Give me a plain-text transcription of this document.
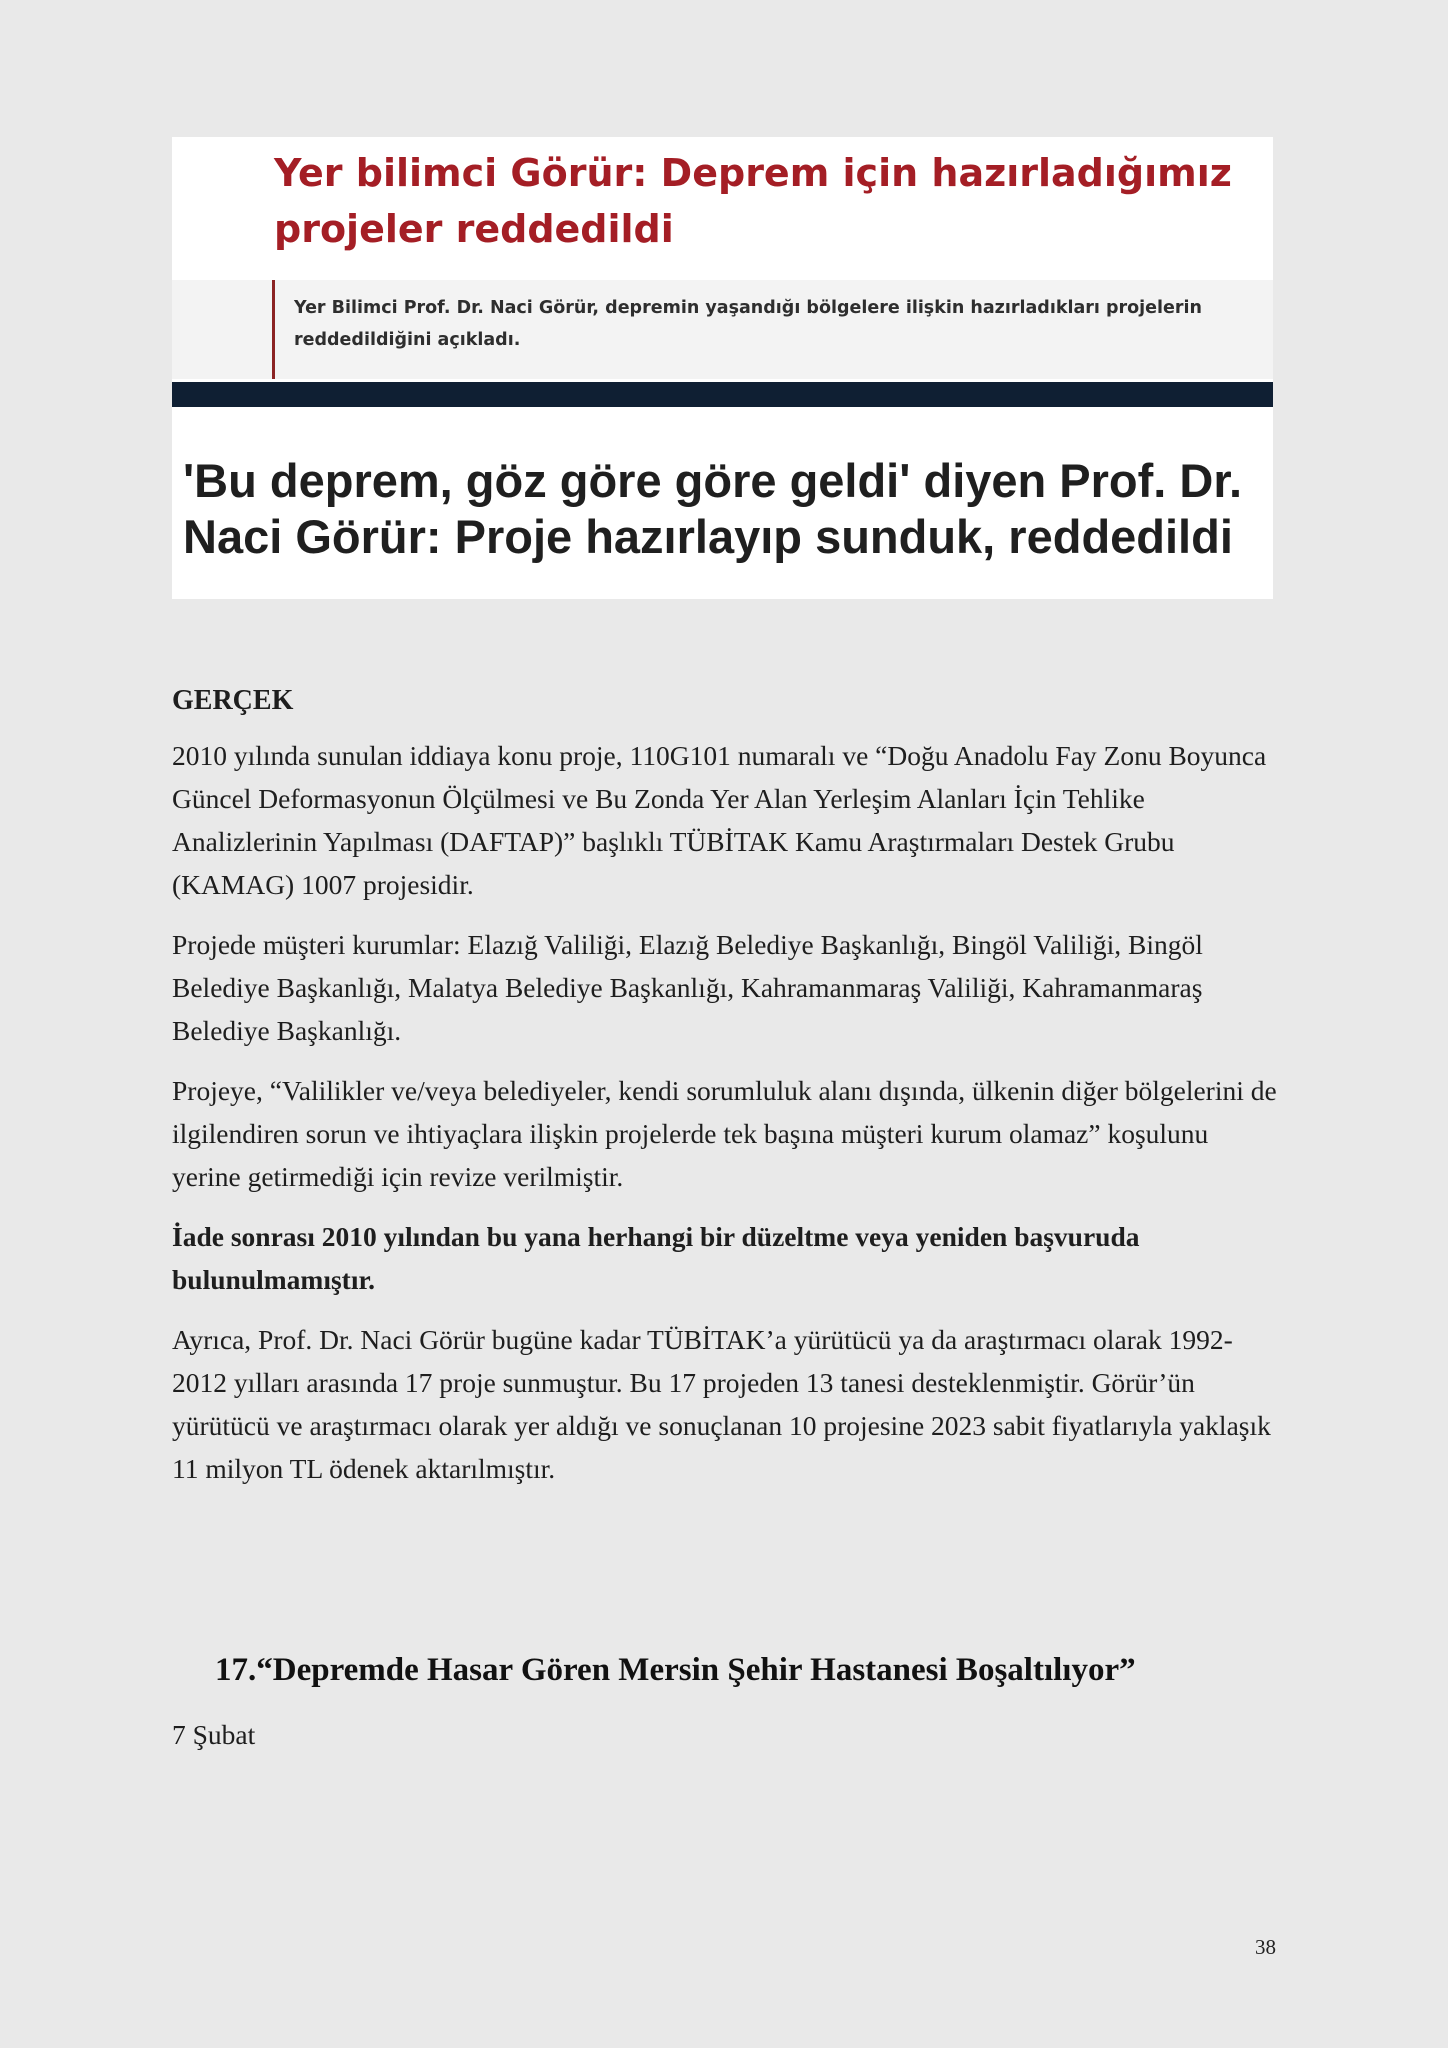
Yer bilimci Görür: Deprem için hazırladığımız projeler reddedildi
Yer Bilimci Prof. Dr. Naci Görür, depremin yaşandığı bölgelere ilişkin hazırladıkları projelerin reddedildiğini açıkladı.
'Bu deprem, göz göre göre geldi' diyen Prof. Dr. Naci Görür: Proje hazırlayıp sunduk, reddedildi
GERÇEK

2010 yılında sunulan iddiaya konu proje, 110G101 numaralı ve “Doğu Anadolu Fay Zonu Boyunca Güncel Deformasyonun Ölçülmesi ve Bu Zonda Yer Alan Yerleşim Alanları İçin Tehlike Analizlerinin Yapılması (DAFTAP)” başlıklı TÜBİTAK Kamu Araştırmaları Destek Grubu (KAMAG) 1007 projesidir.

Projede müşteri kurumlar: Elazığ Valiliği, Elazığ Belediye Başkanlığı, Bingöl Valiliği, Bingöl Belediye Başkanlığı, Malatya Belediye Başkanlığı, Kahramanmaraş Valiliği, Kahramanmaraş Belediye Başkanlığı.

Projeye, “Valilikler ve/veya belediyeler, kendi sorumluluk alanı dışında, ülkenin diğer bölgelerini de ilgilendiren sorun ve ihtiyaçlara ilişkin projelerde tek başına müşteri kurum olamaz” koşulunu yerine getirmediği için revize verilmiştir.

İade sonrası 2010 yılından bu yana herhangi bir düzeltme veya yeniden başvuruda bulunulmamıştır.

Ayrıca, Prof. Dr. Naci Görür bugüne kadar TÜBİTAK’a yürütücü ya da araştırmacı olarak 1992-2012 yılları arasında 17 proje sunmuştur. Bu 17 projeden 13 tanesi desteklenmiştir. Görür’ün yürütücü ve araştırmacı olarak yer aldığı ve sonuçlanan 10 projesine 2023 sabit fiyatlarıyla yaklaşık 11 milyon TL ödenek aktarılmıştır.

17.“Depremde Hasar Gören Mersin Şehir Hastanesi Boşaltılıyor”
7 Şubat
38
